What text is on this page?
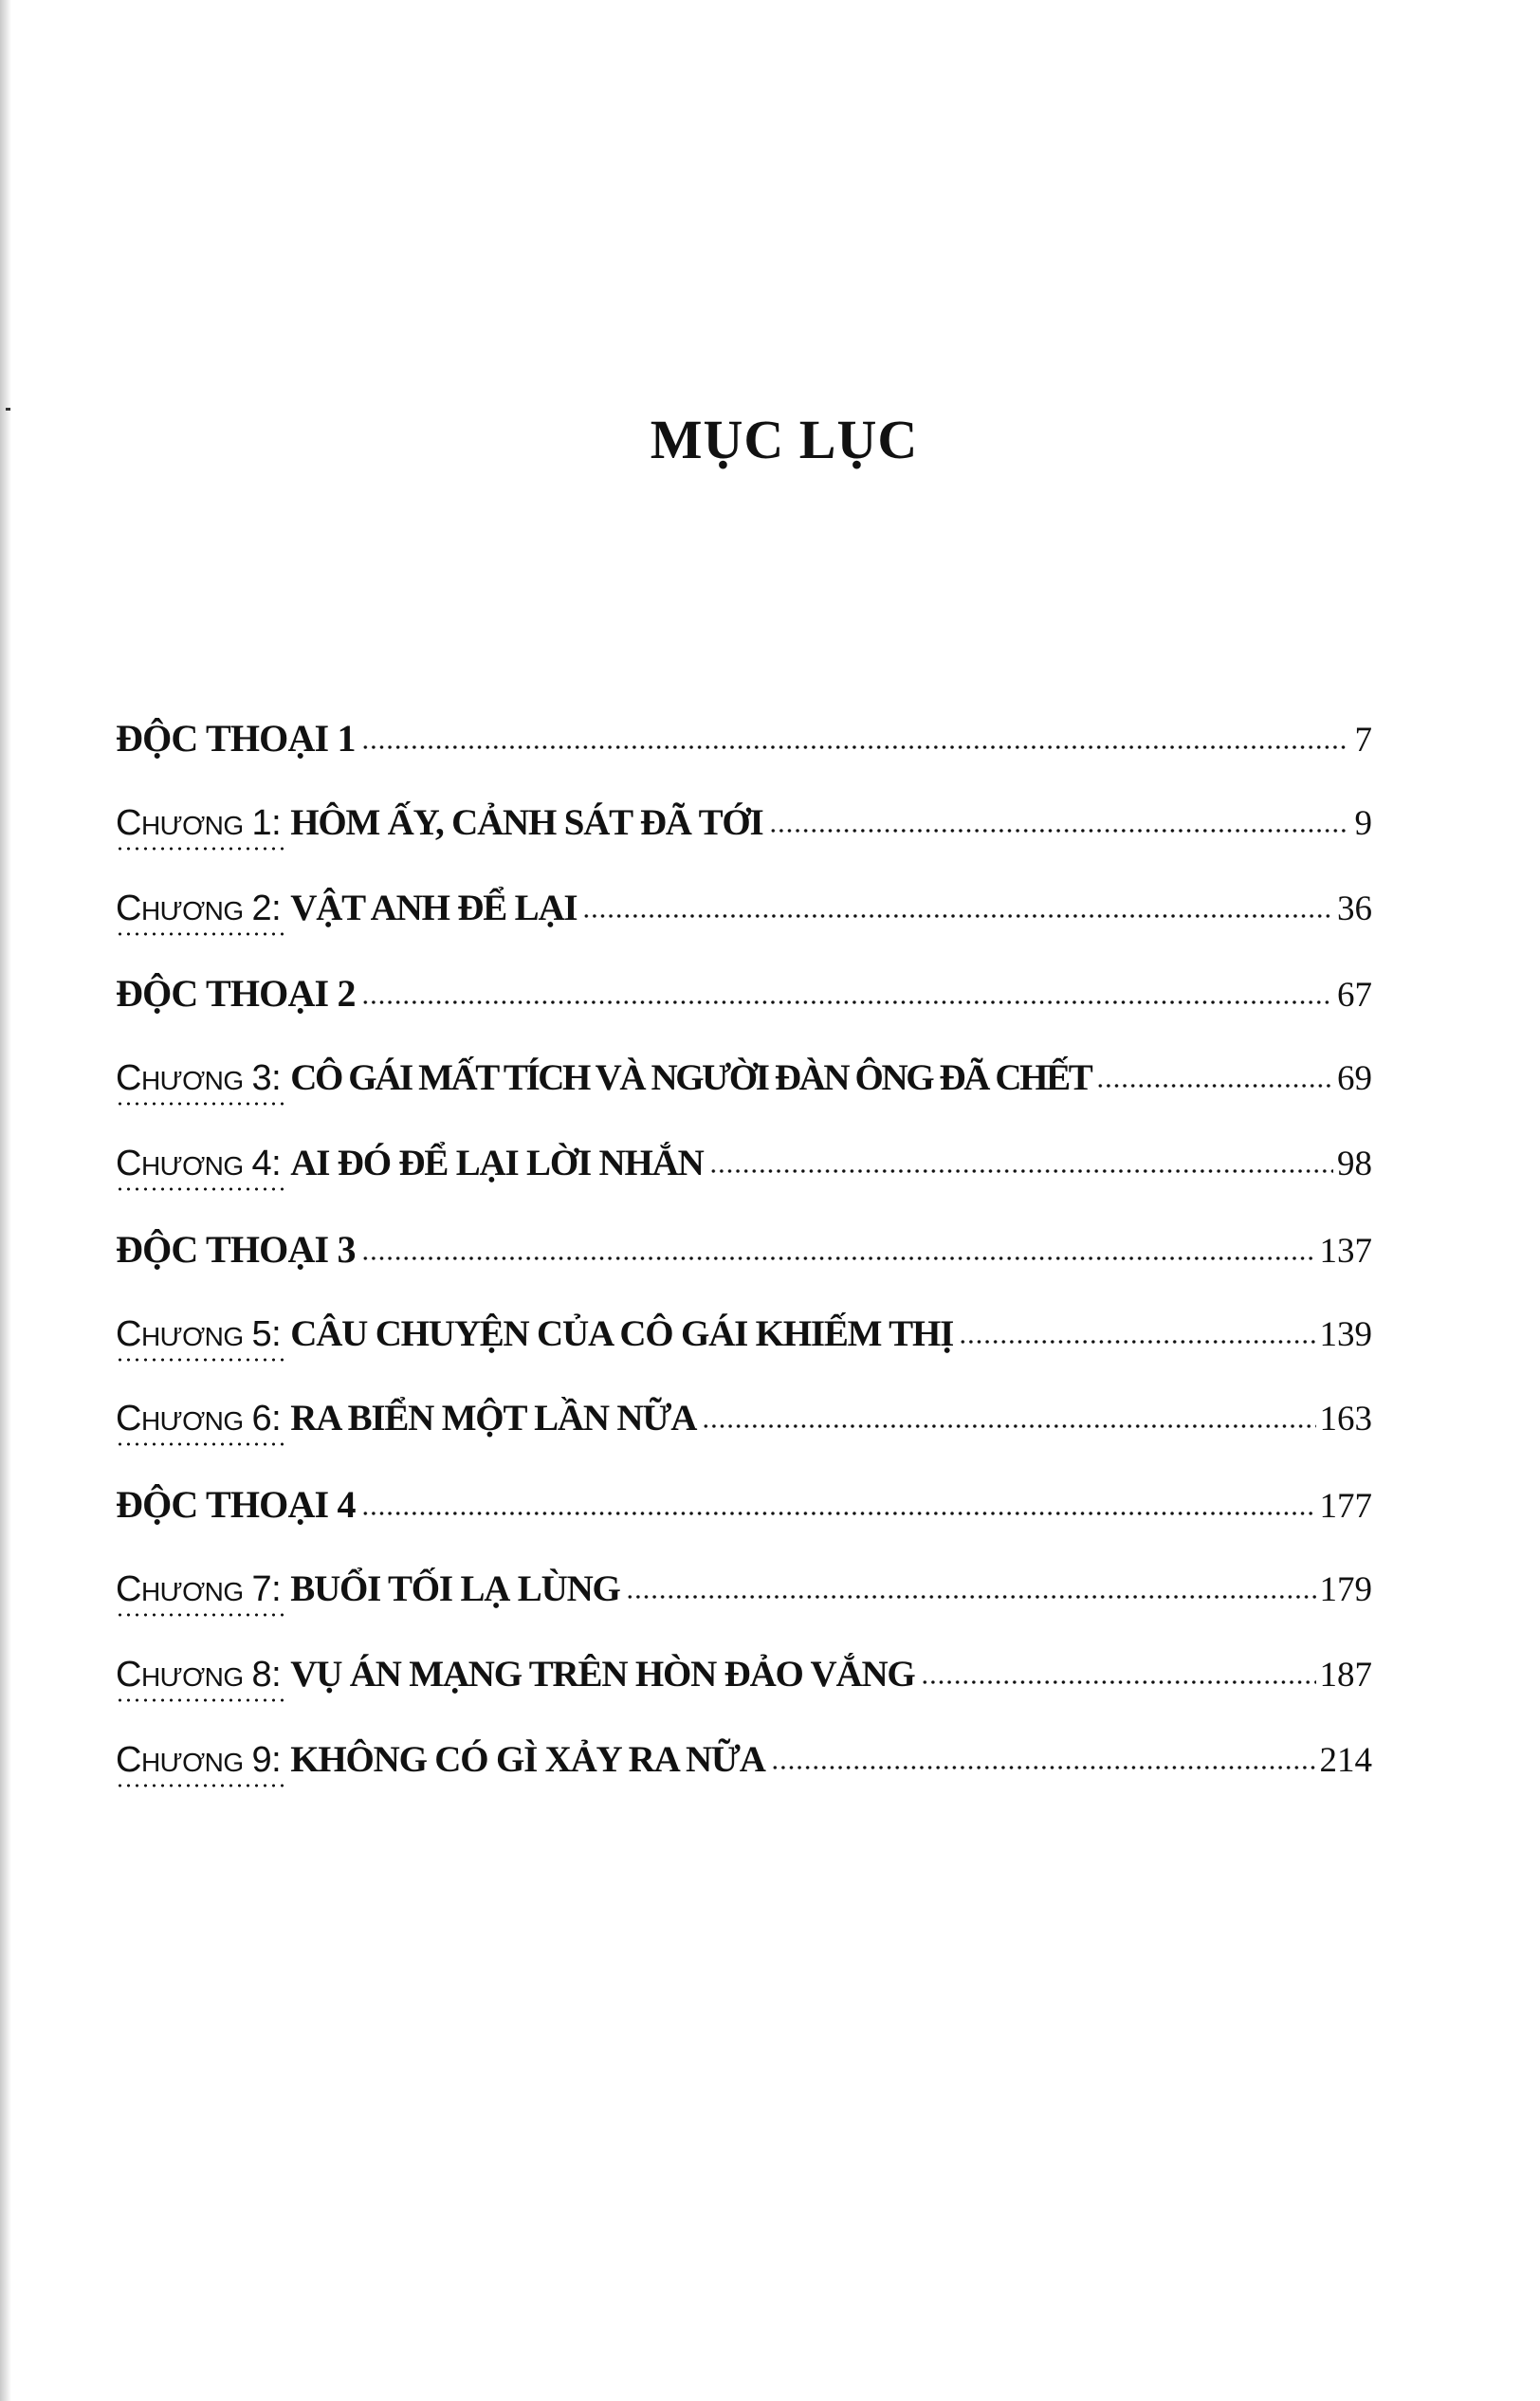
MỤC LỤC
ĐỘC THOẠI 1	7
CHƯƠNG 1: HÔM ẤY, CẢNH SÁT ĐÃ TỚI	9
CHƯƠNG 2: VẬT ANH ĐỂ LẠI	36
ĐỘC THOẠI 2	67
CHƯƠNG 3: CÔ GÁI MẤT TÍCH VÀ NGƯỜI ĐÀN ÔNG ĐÃ CHẾT	69
CHƯƠNG 4: AI ĐÓ ĐỂ LẠI LỜI NHẮN	98
ĐỘC THOẠI 3	137
CHƯƠNG 5: CÂU CHUYỆN CỦA CÔ GÁI KHIẾM THỊ	139
CHƯƠNG 6: RA BIỂN MỘT LẦN NỮA	163
ĐỘC THOẠI 4	177
CHƯƠNG 7: BUỔI TỐI LẠ LÙNG	179
CHƯƠNG 8: VỤ ÁN MẠNG TRÊN HÒN ĐẢO VẮNG	187
CHƯƠNG 9: KHÔNG CÓ GÌ XẢY RA NỮA	214
